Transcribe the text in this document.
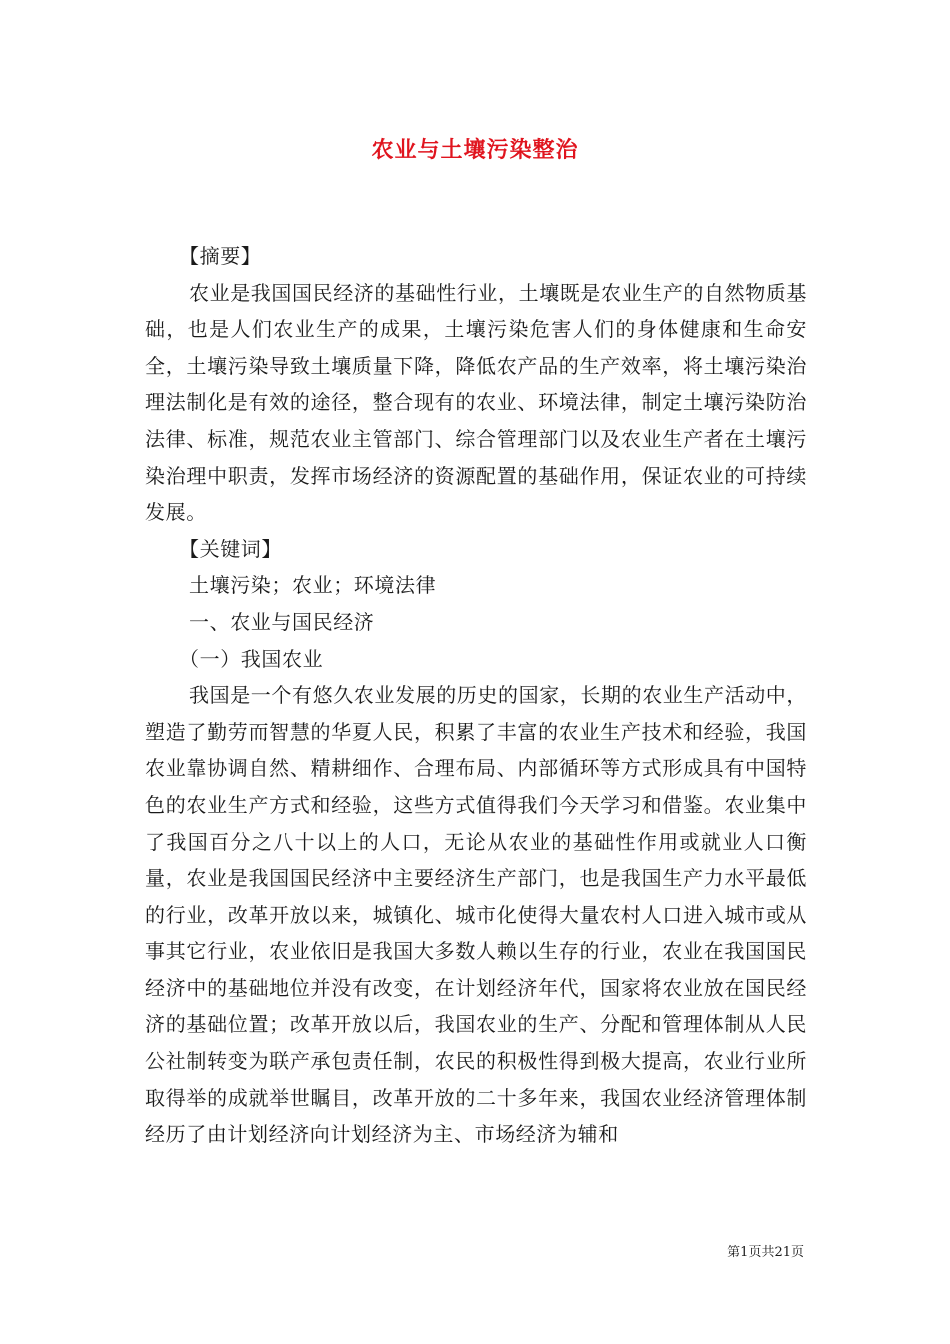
农业与土壤污染整治

【摘要】

农业是我国国民经济的基础性行业，土壤既是农业生产的自然物质基础，也是人们农业生产的成果，土壤污染危害人们的身体健康和生命安全，土壤污染导致土壤质量下降，降低农产品的生产效率，将土壤污染治理法制化是有效的途径，整合现有的农业、环境法律，制定土壤污染防治法律、标准，规范农业主管部门、综合管理部门以及农业生产者在土壤污染治理中职责，发挥市场经济的资源配置的基础作用，保证农业的可持续发展。

【关键词】

土壤污染；农业；环境法律

一、农业与国民经济

（一）我国农业

我国是一个有悠久农业发展的历史的国家，长期的农业生产活动中，塑造了勤劳而智慧的华夏人民，积累了丰富的农业生产技术和经验，我国农业靠协调自然、精耕细作、合理布局、内部循环等方式形成具有中国特色的农业生产方式和经验，这些方式值得我们今天学习和借鉴。农业集中了我国百分之八十以上的人口，无论从农业的基础性作用或就业人口衡量，农业是我国国民经济中主要经济生产部门，也是我国生产力水平最低的行业，改革开放以来，城镇化、城市化使得大量农村人口进入城市或从事其它行业，农业依旧是我国大多数人赖以生存的行业，农业在我国国民经济中的基础地位并没有改变，在计划经济年代，国家将农业放在国民经济的基础位置；改革开放以后，我国农业的生产、分配和管理体制从人民公社制转变为联产承包责任制，农民的积极性得到极大提高，农业行业所取得举的成就举世瞩目，改革开放的二十多年来，我国农业经济管理体制经历了由计划经济向计划经济为主、市场经济为辅和

第1页共21页
